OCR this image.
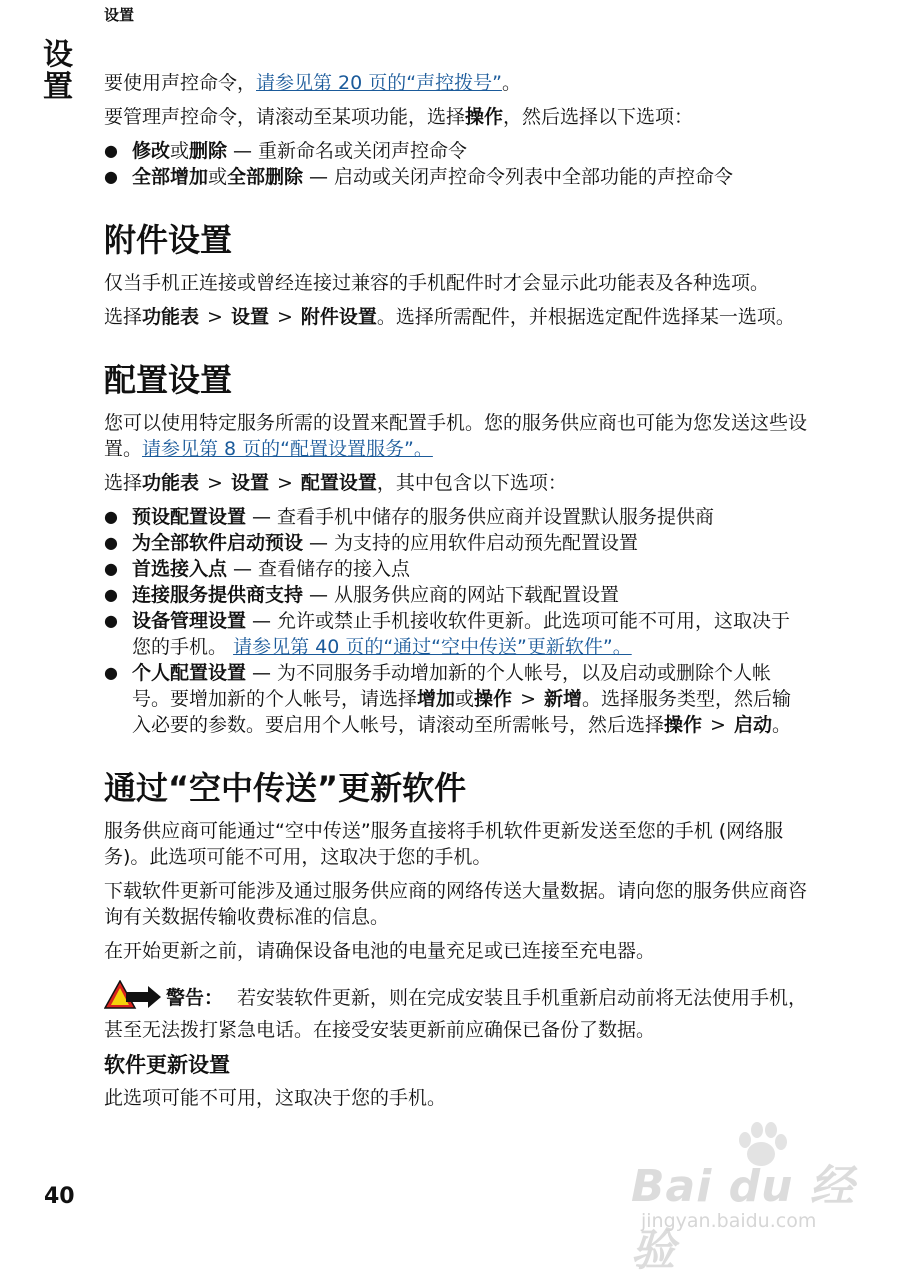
设置
设置
40

要使用声控命令，请参见第 20 页的“声控拨号”。

要管理声控命令，请滚动至某项功能，选择操作，然后选择以下选项：

● 修改或删除 — 重新命名或关闭声控命令
● 全部增加或全部删除 — 启动或关闭声控命令列表中全部功能的声控命令
附件设置

仅当手机正连接或曾经连接过兼容的手机配件时才会显示此功能表及各种选项。

选择功能表 > 设置 > 附件设置。选择所需配件，并根据选定配件选择某一选项。

配置设置

您可以使用特定服务所需的设置来配置手机。您的服务供应商也可能为您发送这些设置。请参见第 8 页的“配置设置服务”。

选择功能表 > 设置 > 配置设置，其中包含以下选项：

● 预设配置设置 — 查看手机中储存的服务供应商并设置默认服务提供商
● 为全部软件启动预设 — 为支持的应用软件启动预先配置设置
● 首选接入点 — 查看储存的接入点
● 连接服务提供商支持 — 从服务供应商的网站下载配置设置
● 设备管理设置 — 允许或禁止手机接收软件更新。此选项可能不可用，这取决于您的手机。 请参见第 40 页的“通过“空中传送”更新软件”。
● 个人配置设置 — 为不同服务手动增加新的个人帐号，以及启动或删除个人帐号。要增加新的个人帐号，请选择增加或操作 > 新增。选择服务类型，然后输入必要的参数。要启用个人帐号，请滚动至所需帐号，然后选择操作 > 启动。
通过“空中传送”更新软件

服务供应商可能通过“空中传送”服务直接将手机软件更新发送至您的手机 (网络服务)。此选项可能不可用，这取决于您的手机。

下载软件更新可能涉及通过服务供应商的网络传送大量数据。请向您的服务供应商咨询有关数据传输收费标准的信息。

在开始更新之前，请确保设备电池的电量充足或已连接至充电器。

警告： 若安装软件更新，则在完成安装且手机重新启动前将无法使用手机，甚至无法拨打紧急电话。在接受安装更新前应确保已备份了数据。

软件更新设置

此选项可能不可用，这取决于您的手机。

Bai du 经验
jingyan.baidu.com
